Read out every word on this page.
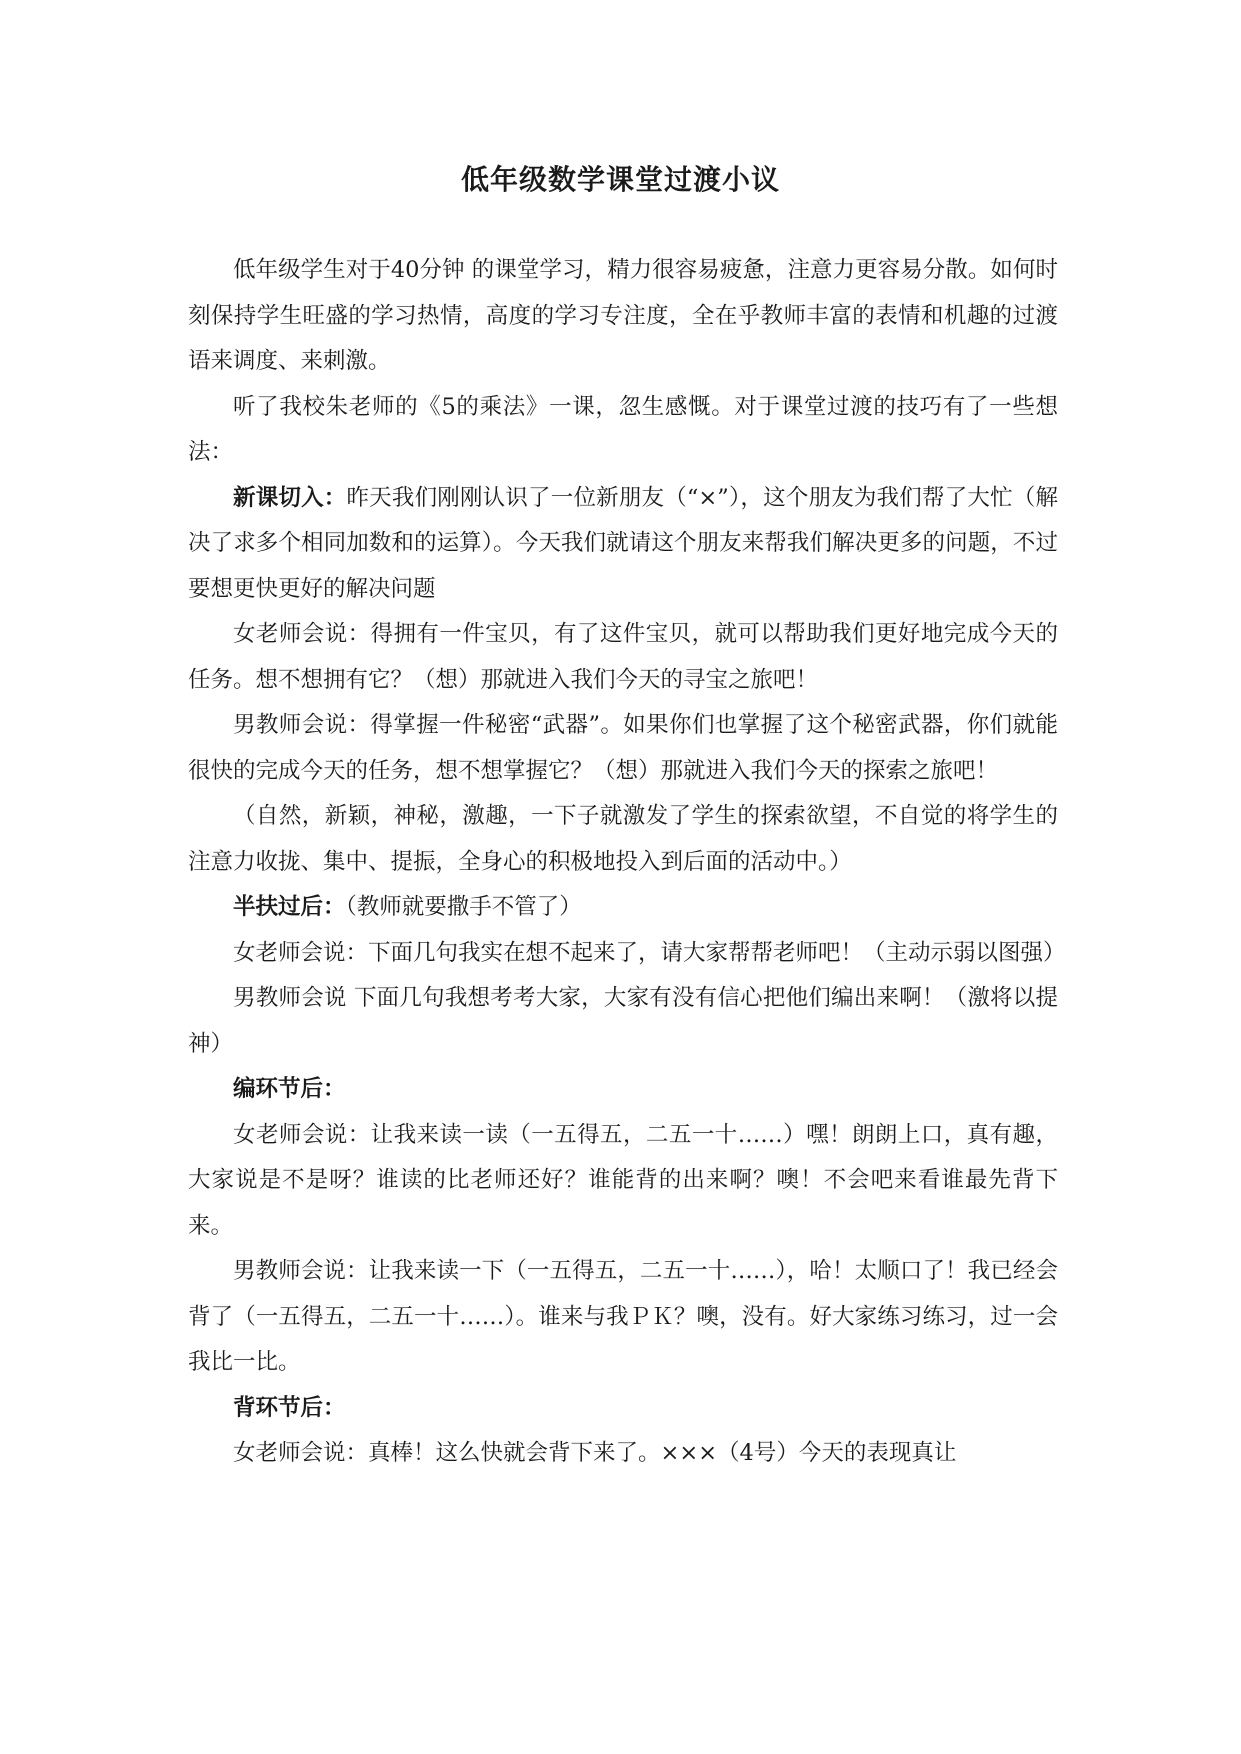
低年级数学课堂过渡小议

低年级学生对于40分钟 的课堂学习，精力很容易疲惫，注意力更容易分散。如何时刻保持学生旺盛的学习热情，高度的学习专注度，全在乎教师丰富的表情和机趣的过渡语来调度、来刺激。

听了我校朱老师的《5的乘法》一课，忽生感慨。对于课堂过渡的技巧有了一些想法：

新课切入：昨天我们刚刚认识了一位新朋友（“×”），这个朋友为我们帮了大忙（解决了求多个相同加数和的运算）。今天我们就请这个朋友来帮我们解决更多的问题，不过要想更快更好的解决问题

女老师会说：得拥有一件宝贝，有了这件宝贝，就可以帮助我们更好地完成今天的任务。想不想拥有它？（想）那就进入我们今天的寻宝之旅吧！

男教师会说：得掌握一件秘密“武器”。如果你们也掌握了这个秘密武器，你们就能很快的完成今天的任务，想不想掌握它？（想）那就进入我们今天的探索之旅吧！

（自然，新颖，神秘，激趣，一下子就激发了学生的探索欲望，不自觉的将学生的注意力收拢、集中、提振，全身心的积极地投入到后面的活动中。）

半扶过后：（教师就要撒手不管了）

女老师会说：下面几句我实在想不起来了，请大家帮帮老师吧！（主动示弱以图强）

男教师会说 下面几句我想考考大家，大家有没有信心把他们编出来啊！（激将以提神）

编环节后：

女老师会说：让我来读一读（一五得五，二五一十……）嘿！朗朗上口，真有趣，大家说是不是呀？谁读的比老师还好？谁能背的出来啊？噢！不会吧来看谁最先背下来。

男教师会说：让我来读一下（一五得五，二五一十……），哈！太顺口了！我已经会背了（一五得五，二五一十……）。谁来与我ＰＫ？噢，没有。好大家练习练习，过一会我比一比。

背环节后：

女老师会说：真棒！这么快就会背下来了。×××（4号）今天的表现真让
